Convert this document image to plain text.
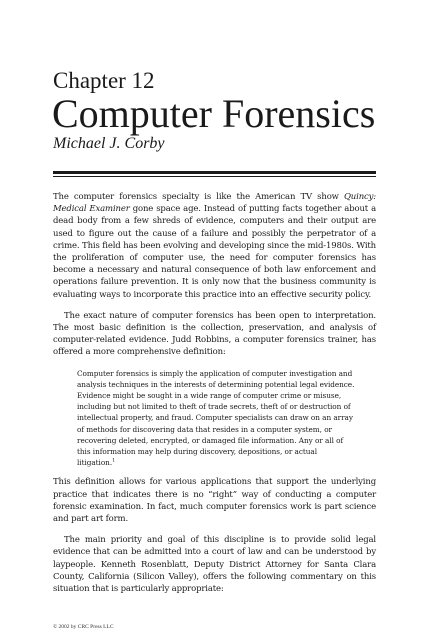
Chapter 12
Computer Forensics
Michael J. Corby

The computer forensics specialty is like the American TV show Quincy: Medical Examiner gone space age. Instead of putting facts together about a dead body from a few shreds of evidence, computers and their output are used to figure out the cause of a failure and possibly the perpetrator of a crime. This field has been evolving and developing since the mid-1980s. With the proliferation of computer use, the need for computer forensics has become a necessary and natural consequence of both law enforcement and operations failure prevention. It is only now that the business community is evaluating ways to incorporate this practice into an effective security policy.

The exact nature of computer forensics has been open to interpretation. The most basic definition is the collection, preservation, and analysis of computer-related evidence. Judd Robbins, a computer forensics trainer, has offered a more comprehensive definition:

Computer forensics is simply the application of computer investigation and analysis techniques in the interests of determining potential legal evidence. Evidence might be sought in a wide range of computer crime or misuse, including but not limited to theft of trade secrets, theft of or destruction of intellectual property, and fraud. Computer specialists can draw on an array of methods for discovering data that resides in a computer system, or recovering deleted, encrypted, or damaged file information. Any or all of this information may help during discovery, depositions, or actual litigation.$^1$

This definition allows for various applications that support the underlying practice that indicates there is no “right” way of conducting a computer forensic examination. In fact, much computer forensics work is part science and part art form.

The main priority and goal of this discipline is to provide solid legal evidence that can be admitted into a court of law and can be understood by laypeople. Kenneth Rosenblatt, Deputy District Attorney for Santa Clara County, California (Silicon Valley), offers the following commentary on this situation that is particularly appropriate:

© 2002 by CRC Press LLC
